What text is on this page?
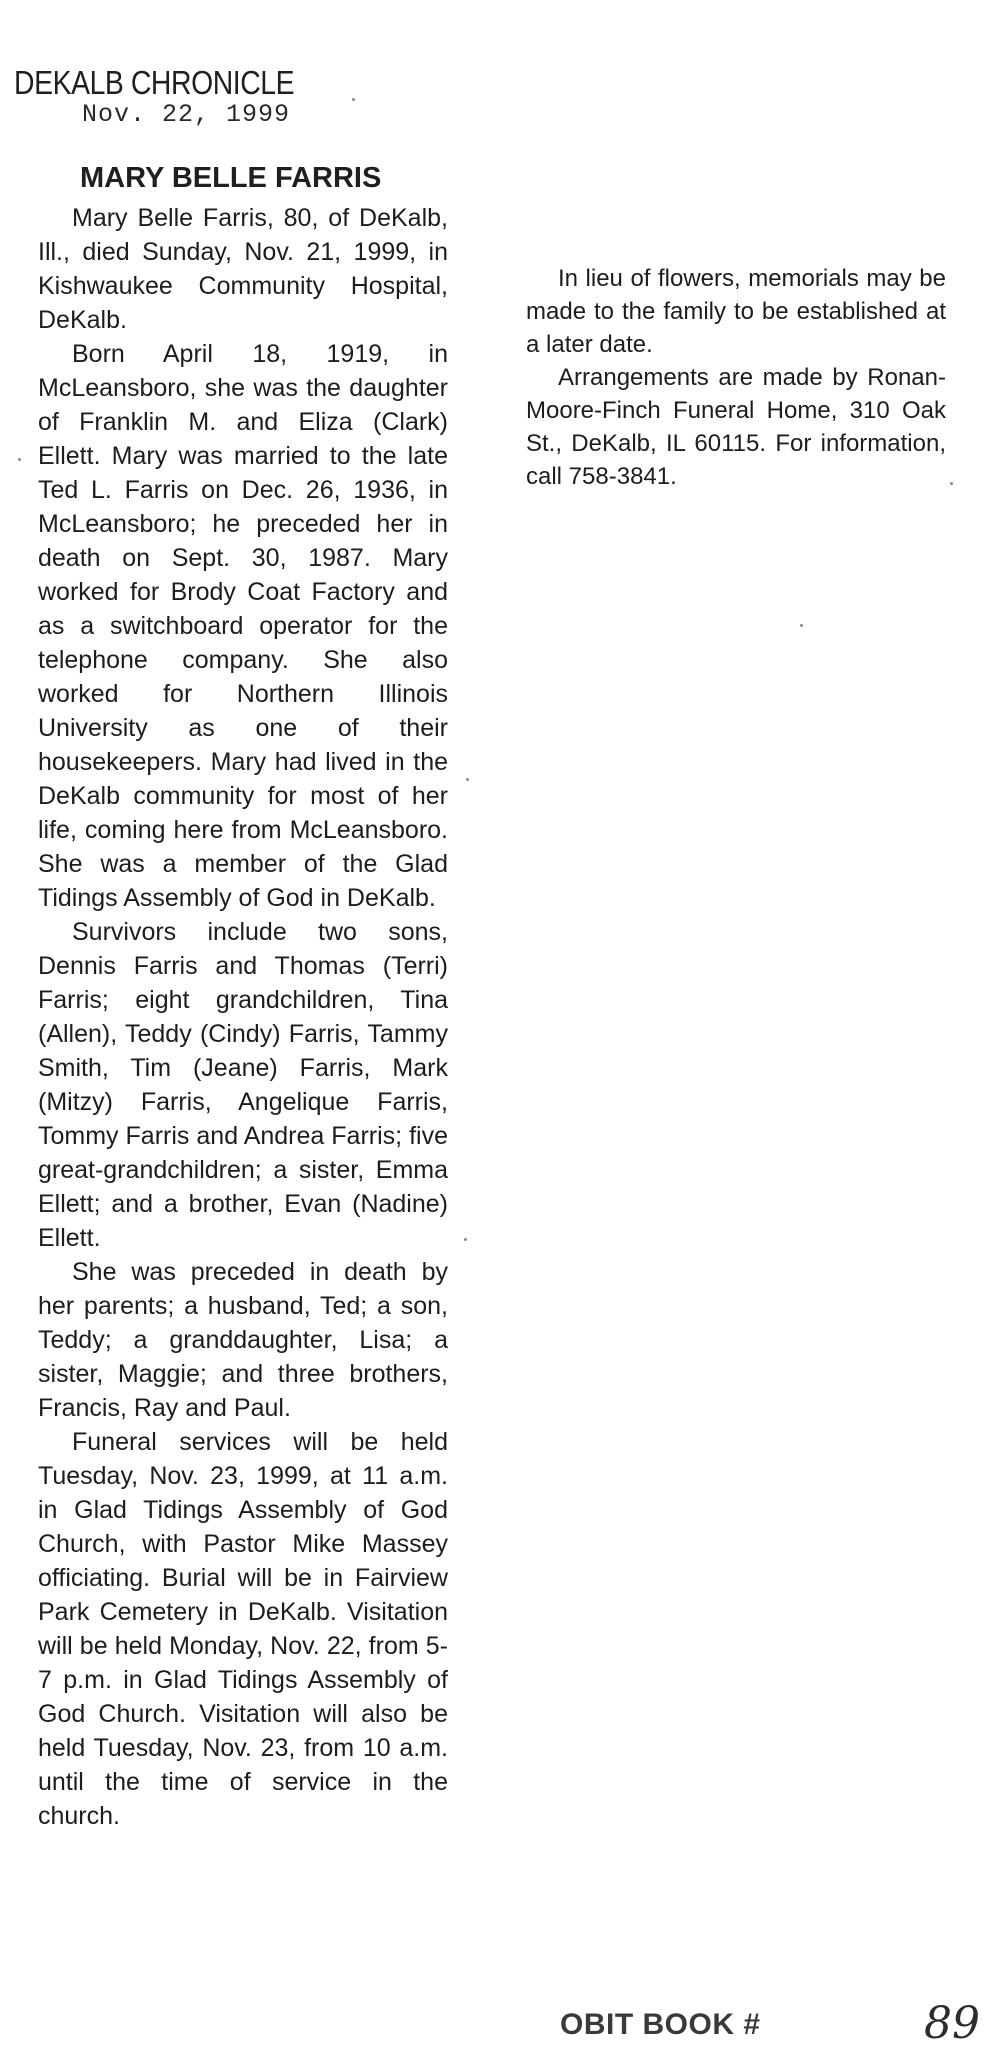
DEKALB CHRONICLE
Nov. 22, 1999
MARY BELLE FARRIS

Mary Belle Farris, 80, of DeKalb, Ill., died Sunday, Nov. 21, 1999, in Kishwaukee Community Hospital, DeKalb.

Born April 18, 1919, in McLeansboro, she was the daughter of Franklin M. and Eliza (Clark) Ellett. Mary was married to the late Ted L. Farris on Dec. 26, 1936, in McLeansboro; he preceded her in death on Sept. 30, 1987. Mary worked for Brody Coat Factory and as a switchboard operator for the telephone company. She also worked for Northern Illinois University as one of their housekeepers. Mary had lived in the DeKalb community for most of her life, coming here from McLeansboro. She was a member of the Glad Tidings Assembly of God in DeKalb.

Survivors include two sons, Dennis Farris and Thomas (Terri) Farris; eight grandchildren, Tina (Allen), Teddy (Cindy) Farris, Tammy Smith, Tim (Jeane) Farris, Mark (Mitzy) Farris, Angelique Farris, Tommy Farris and Andrea Farris; five great-grandchildren; a sister, Emma Ellett; and a brother, Evan (Nadine) Ellett.

She was preceded in death by her parents; a husband, Ted; a son, Teddy; a granddaughter, Lisa; a sister, Maggie; and three brothers, Francis, Ray and Paul.

Funeral services will be held Tuesday, Nov. 23, 1999, at 11 a.m. in Glad Tidings Assembly of God Church, with Pastor Mike Massey officiating. Burial will be in Fairview Park Cemetery in DeKalb. Visitation will be held Monday, Nov. 22, from 5-7 p.m. in Glad Tidings Assembly of God Church. Visitation will also be held Tuesday, Nov. 23, from 10 a.m. until the time of service in the church.

In lieu of flowers, memorials may be made to the family to be established at a later date.

Arrangements are made by Ronan-Moore-Finch Funeral Home, 310 Oak St., DeKalb, IL 60115. For information, call 758-3841.

OBIT BOOK #	89
